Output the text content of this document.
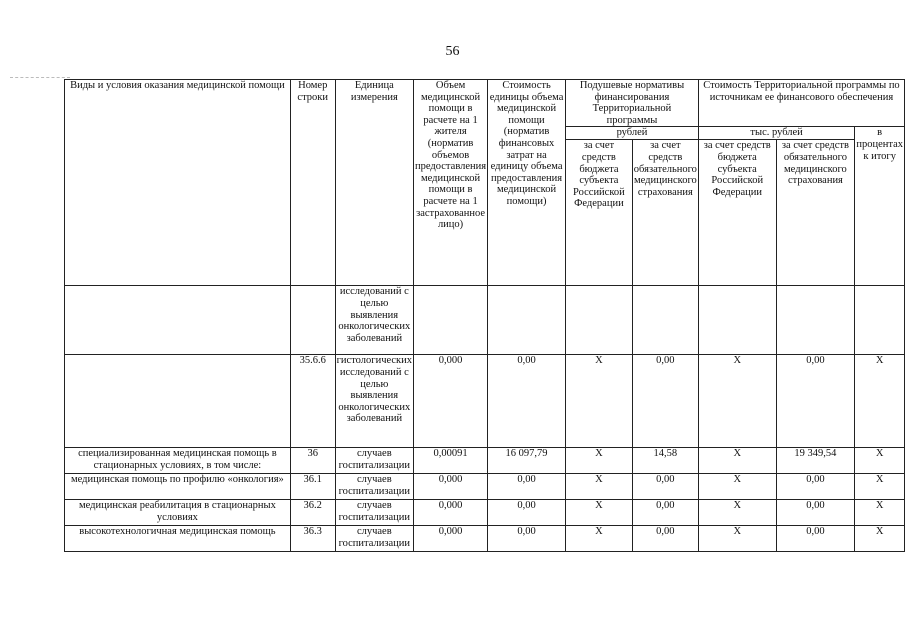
56
Виды и условия оказания медицинской помощи	Номер строки	Единица измерения	Объем медицинской помощи в расчете на 1 жителя (норматив объемов предоставления медицинской помощи в расчете на 1 застрахованное лицо)	Стоимость единицы объема медицинской помощи (норматив финансовых затрат на единицу объема предоставления медицинской помощи)	Подушевые нормативы финансирования Территориальной программы		Стоимость Территориальной программы по источникам ее финансового обеспечения		
					рублей		тыс. рублей		в процентах к итогу
					за счет средств бюджета субъекта Российской Федерации	за счет средств обязательного медицинского страхования	за счет средств бюджета субъекта Российской Федерации	за счет средств обязательного медицинского страхования	
		исследований с целью выявления онкологических заболеваний							
	35.6.6	гистологических исследований с целью выявления онкологических заболеваний	0,000	0,00	X	0,00	X	0,00	X
специализированная медицинская помощь в стационарных условиях, в том числе:	36	случаев госпитализации	0,00091	16 097,79	X	14,58	X	19 349,54	X
медицинская помощь по профилю «онкология»	36.1	случаев госпитализации	0,000	0,00	X	0,00	X	0,00	X
медицинская реабилитация в стационарных условиях	36.2	случаев госпитализации	0,000	0,00	X	0,00	X	0,00	X
высокотехнологичная медицинская помощь	36.3	случаев госпитализации	0,000	0,00	X	0,00	X	0,00	X
